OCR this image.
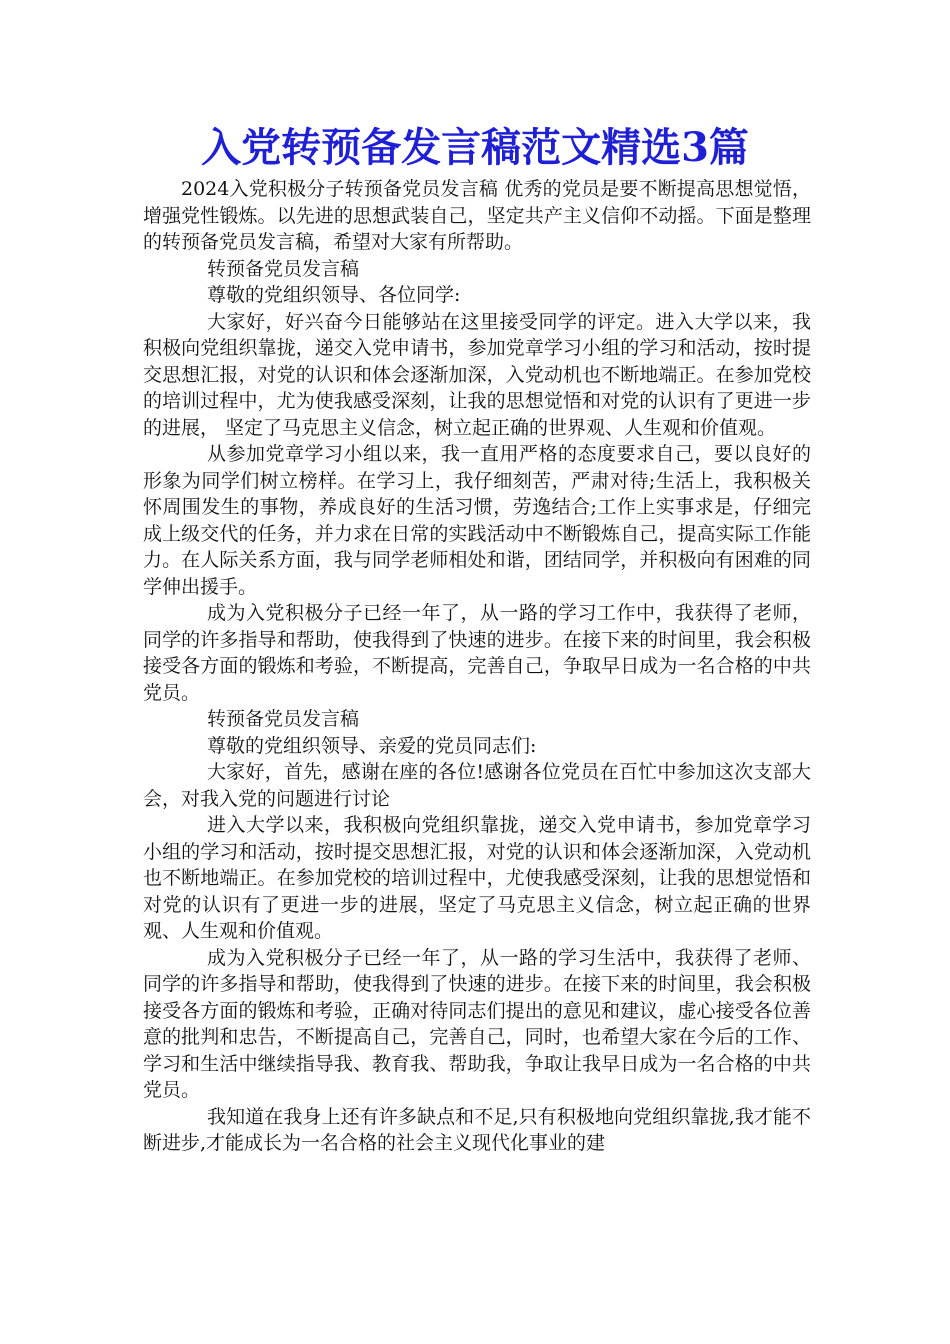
入党转预备发言稿范文精选3篇

2024入党积极分子转预备党员发言稿 优秀的党员是要不断提高思想觉悟，增强党性锻炼。以先进的思想武装自己，坚定共产主义信仰不动摇。下面是整理的转预备党员发言稿，希望对大家有所帮助。

转预备党员发言稿

尊敬的党组织领导、各位同学:

大家好，好兴奋今日能够站在这里接受同学的评定。进入大学以来，我积极向党组织靠拢，递交入党申请书，参加党章学习小组的学习和活动，按时提交思想汇报，对党的认识和体会逐渐加深，入党动机也不断地端正。在参加党校的培训过程中，尤为使我感受深刻，让我的思想觉悟和对党的认识有了更进一步的进展， 坚定了马克思主义信念，树立起正确的世界观、人生观和价值观。

从参加党章学习小组以来，我一直用严格的态度要求自己，要以良好的形象为同学们树立榜样。在学习上，我仔细刻苦，严肃对待;生活上，我积极关怀周围发生的事物，养成良好的生活习惯，劳逸结合;工作上实事求是，仔细完成上级交代的任务，并力求在日常的实践活动中不断锻炼自己，提高实际工作能力。在人际关系方面，我与同学老师相处和谐，团结同学，并积极向有困难的同学伸出援手。

成为入党积极分子已经一年了，从一路的学习工作中，我获得了老师，同学的许多指导和帮助，使我得到了快速的进步。在接下来的时间里，我会积极接受各方面的锻炼和考验，不断提高，完善自己，争取早日成为一名合格的中共党员。

转预备党员发言稿

尊敬的党组织领导、亲爱的党员同志们:

大家好，首先，感谢在座的各位!感谢各位党员在百忙中参加这次支部大会，对我入党的问题进行讨论

进入大学以来，我积极向党组织靠拢，递交入党申请书，参加党章学习小组的学习和活动，按时提交思想汇报，对党的认识和体会逐渐加深，入党动机也不断地端正。在参加党校的培训过程中，尤使我感受深刻，让我的思想觉悟和对党的认识有了更进一步的进展，坚定了马克思主义信念，树立起正确的世界观、人生观和价值观。

成为入党积极分子已经一年了，从一路的学习生活中，我获得了老师、同学的许多指导和帮助，使我得到了快速的进步。在接下来的时间里，我会积极接受各方面的锻炼和考验，正确对待同志们提出的意见和建议，虚心接受各位善意的批判和忠告，不断提高自己，完善自己，同时，也希望大家在今后的工作、学习和生活中继续指导我、教育我、帮助我，争取让我早日成为一名合格的中共党员。

我知道在我身上还有许多缺点和不足,只有积极地向党组织靠拢,我才能不断进步,才能成长为一名合格的社会主义现代化事业的建
